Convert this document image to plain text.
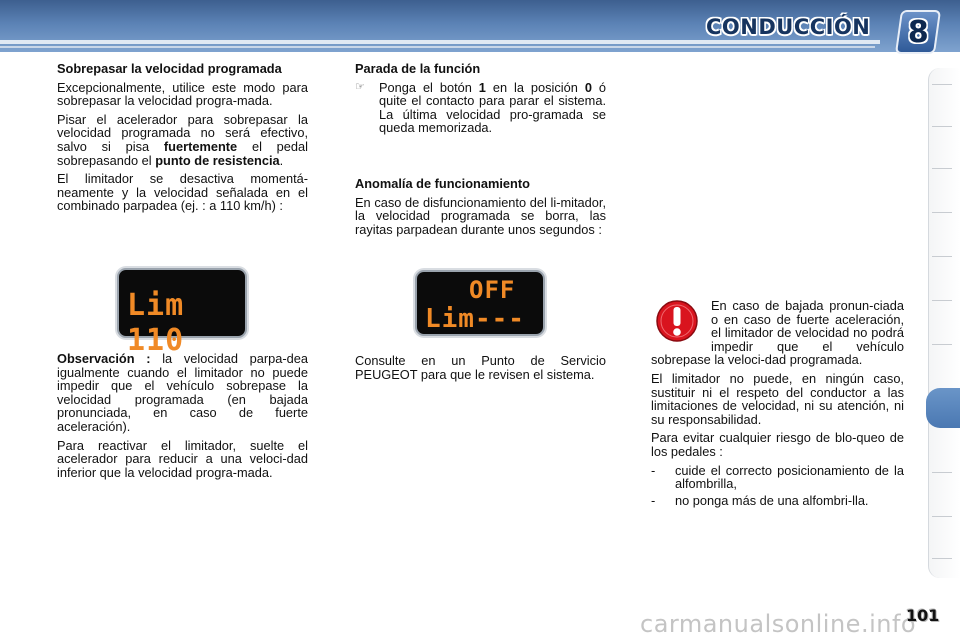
CONDUCCIÓN 8
Sobrepasar la velocidad programada

Excepcionalmente, utilice este modo para sobrepasar la velocidad progra-mada.

Pisar el acelerador para sobrepasar la velocidad programada no será efectivo, salvo si pisa fuertemente el pedal sobrepasando el punto de resistencia.

El limitador se desactiva momentá-neamente y la velocidad señalada en el combinado parpadea (ej. : a 110 km/h) :

Lim 110

Observación : la velocidad parpa-dea igualmente cuando el limitador no puede impedir que el vehículo sobrepase la velocidad programada (en bajada pronunciada, en caso de fuerte aceleración).

Para reactivar el limitador, suelte el acelerador para reducir a una veloci-dad inferior que la velocidad progra-mada.

Parada de la función
☞	Ponga el botón 1 en la posición 0 ó quite el contacto para parar el sistema. La última velocidad pro-gramada se queda memorizada.
Anomalía de funcionamiento

En caso de disfuncionamiento del li-mitador, la velocidad programada se borra, las rayitas parpadean durante unos segundos :

OFF
Lim---

Consulte en un Punto de Servicio PEUGEOT para que le revisen el sistema.

En caso de bajada pronun-ciada o en caso de fuerte aceleración, el limitador de velocidad no podrá impedir que el vehículo sobrepase la veloci-dad programada.

El limitador no puede, en ningún caso, sustituir ni el respeto del conductor a las limitaciones de velocidad, ni su atención, ni su responsabilidad.

Para evitar cualquier riesgo de blo-queo de los pedales :

-	cuide el correcto posicionamiento de la alfombrilla,
-	no ponga más de una alfombri-lla.
carmanualsonline.info
101
